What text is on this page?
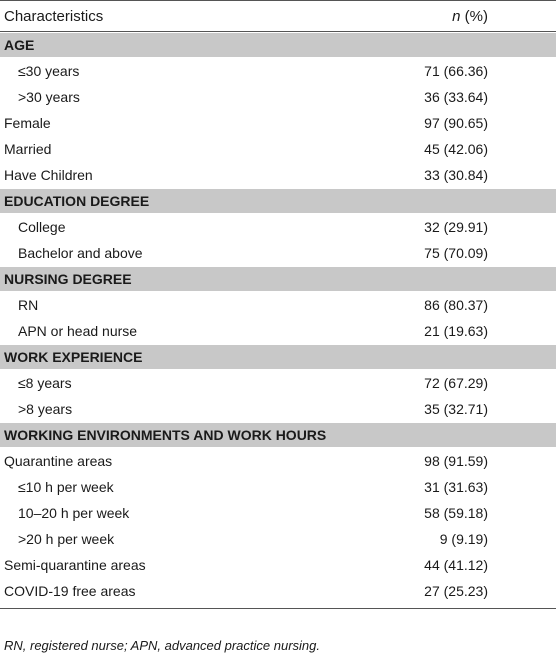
Characteristics	n (%)
AGE
≤30 years	71 (66.36)
>30 years	36 (33.64)
Female	97 (90.65)
Married	45 (42.06)
Have Children	33 (30.84)
EDUCATION DEGREE
College	32 (29.91)
Bachelor and above	75 (70.09)
NURSING DEGREE
RN	86 (80.37)
APN or head nurse	21 (19.63)
WORK EXPERIENCE
≤8 years	72 (67.29)
>8 years	35 (32.71)
WORKING ENVIRONMENTS AND WORK HOURS
Quarantine areas	98 (91.59)
≤10 h per week	31 (31.63)
10–20 h per week	58 (59.18)
>20 h per week	9 (9.19)
Semi-quarantine areas	44 (41.12)
COVID-19 free areas	27 (25.23)
RN, registered nurse; APN, advanced practice nursing.
